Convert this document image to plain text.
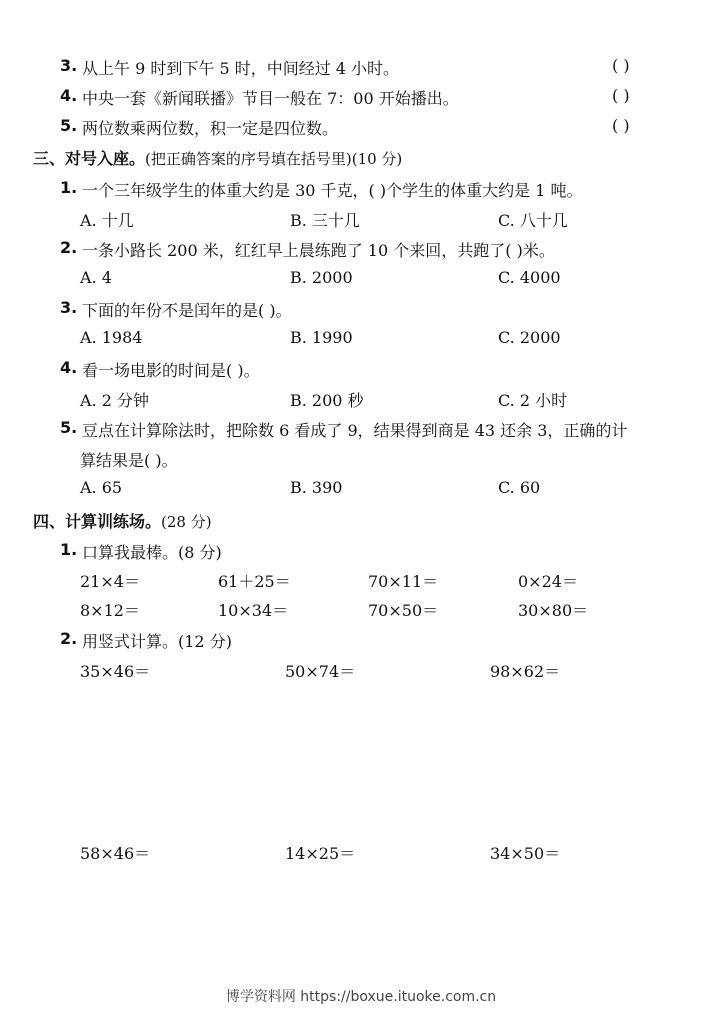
3. 从上午 9 时到下午 5 时，中间经过 4 小时。	( )
4. 中央一套《新闻联播》节目一般在 7：00 开始播出。	( )
5. 两位数乘两位数，积一定是四位数。	( )
三、对号入座。(把正确答案的序号填在括号里)(10 分)
1. 一个三年级学生的体重大约是 30 千克，( )个学生的体重大约是 1 吨。
A. 十几	B. 三十几	C. 八十几
2. 一条小路长 200 米，红红早上晨练跑了 10 个来回，共跑了( )米。
A. 4	B. 2000	C. 4000
3. 下面的年份不是闰年的是( )。
A. 1984	B. 1990	C. 2000
4. 看一场电影的时间是( )。
A. 2 分钟	B. 200 秒	C. 2 小时
5. 豆点在计算除法时，把除数 6 看成了 9，结果得到商是 43 还余 3，正确的计
算结果是( )。
A. 65	B. 390	C. 60
四、计算训练场。(28 分)
1. 口算我最棒。(8 分)
21×4＝	61＋25＝	70×11＝	0×24＝
8×12＝	10×34＝	70×50＝	30×80＝
2. 用竖式计算。(12 分)
35×46＝	50×74＝	98×62＝
58×46＝	14×25＝	34×50＝
博学资料网 https://boxue.ituoke.com.cn
